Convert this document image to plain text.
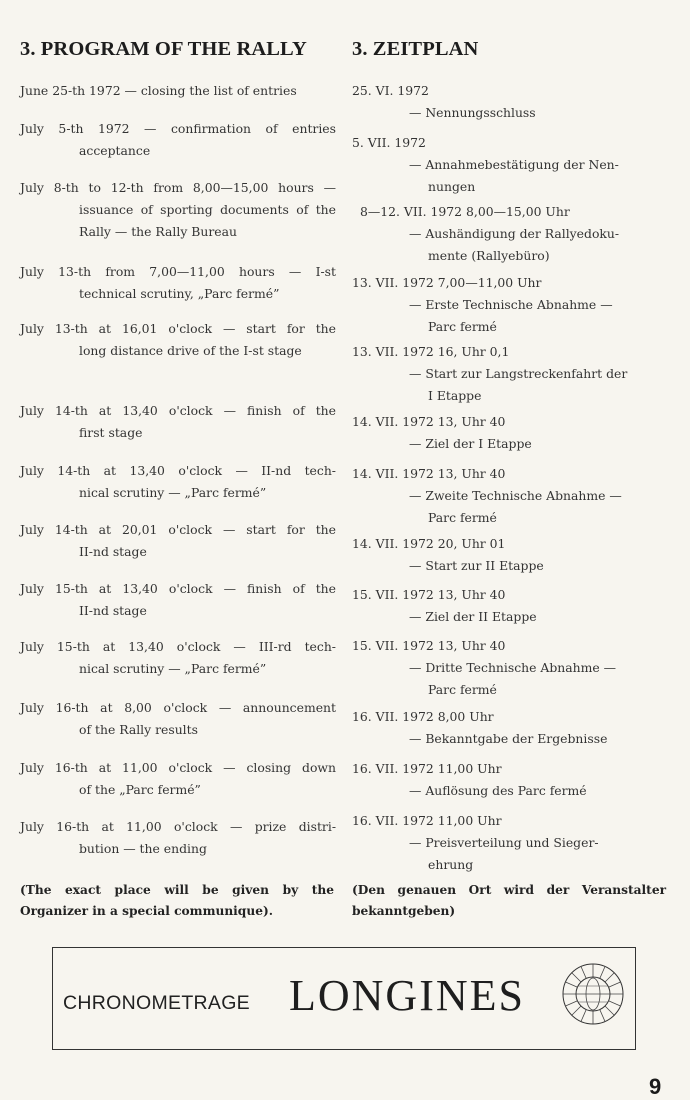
3. PROGRAM OF THE RALLY

June 25-th 1972 — closing the list of entries

July 5-th 1972 — confirmation of entries

acceptance

July 8-th to 12-th from 8,00—15,00 hours —

issuance of sporting documents of the Rally — the Rally Bureau

July 13-th from 7,00—11,00 hours — I-st

technical scrutiny, „Parc fermé”

July 13-th at 16,01 o'clock — start for the

long distance drive of the I-st stage

July 14-th at 13,40 o'clock — finish of the

first stage

July 14-th at 13,40 o'clock — II-nd tech-

nical scrutiny — „Parc fermé”

July 14-th at 20,01 o'clock — start for the

II-nd stage

July 15-th at 13,40 o'clock — finish of the

II-nd stage

July 15-th at 13,40 o'clock — III-rd tech-

nical scrutiny — „Parc fermé”

July 16-th at 8,00 o'clock — announcement

of the Rally results

July 16-th at 11,00 o'clock — closing down

of the „Parc fermé”

July 16-th at 11,00 o'clock — prize distri-

bution — the ending

(The exact place will be given by the Organizer in a special communique).
3. ZEITPLAN

25. VI. 1972

— Nennungsschluss

5. VII. 1972

— Annahmebestätigung der Nen-
nungen

8—12. VII. 1972 8,00—15,00 Uhr

— Aushändigung der Rallyedoku-
mente (Rallyebüro)

13. VII. 1972 7,00—11,00 Uhr

— Erste Technische Abnahme —
Parc fermé

13. VII. 1972 16, Uhr 0,1

— Start zur Langstreckenfahrt der
I Etappe

14. VII. 1972 13, Uhr 40

— Ziel der I Etappe

14. VII. 1972 13, Uhr 40

— Zweite Technische Abnahme —
Parc fermé

14. VII. 1972 20, Uhr 01

— Start zur II Etappe

15. VII. 1972 13, Uhr 40

— Ziel der II Etappe

15. VII. 1972 13, Uhr 40

— Dritte Technische Abnahme —
Parc fermé

16. VII. 1972 8,00 Uhr

— Bekanntgabe der Ergebnisse

16. VII. 1972 11,00 Uhr

— Auflösung des Parc fermé

16. VII. 1972 11,00 Uhr

— Preisverteilung und Sieger-
ehrung

(Den genauen Ort wird der Veranstalter bekanntgeben)
CHRONOMETRAGE LONGINES
9
